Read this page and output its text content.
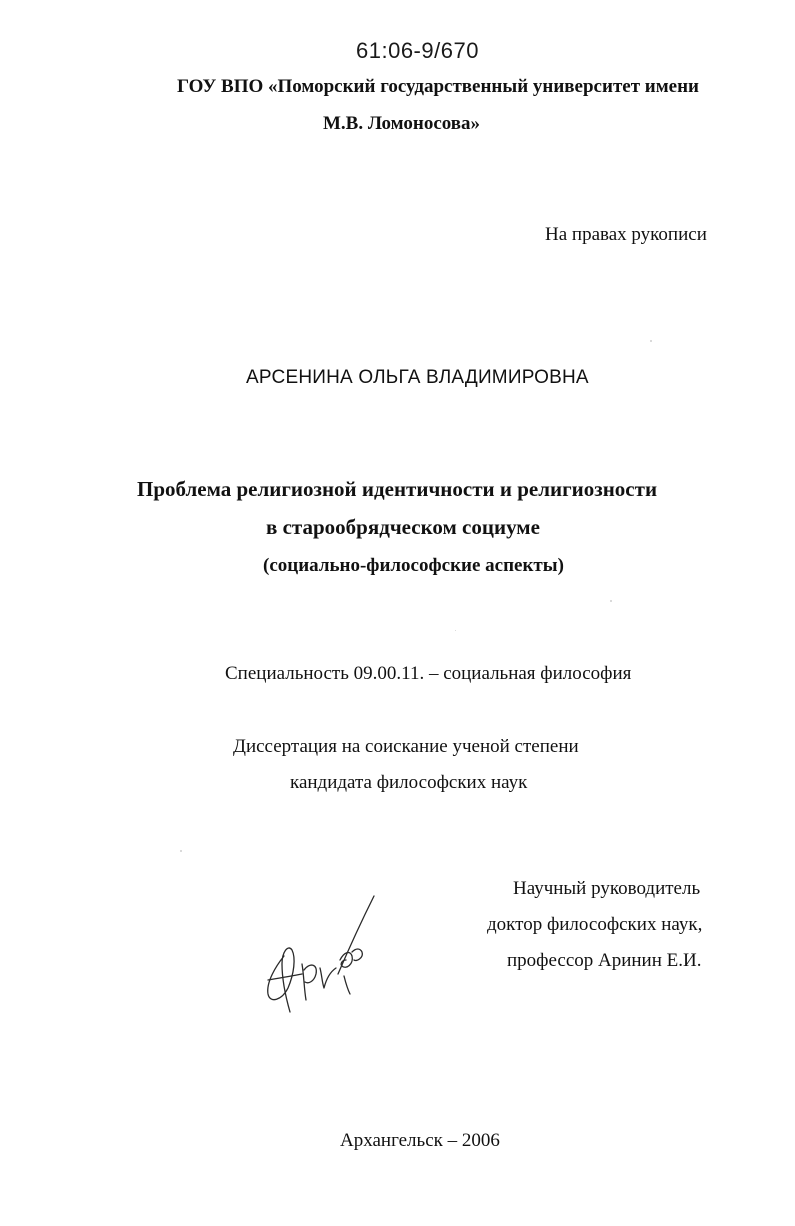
61:06-9/670
ГОУ ВПО «Поморский государственный университет имени
М.В. Ломоносова»
На правах рукописи
АРСЕНИНА ОЛЬГА ВЛАДИМИРОВНА
Проблема религиозной идентичности и религиозности
в старообрядческом социуме
(социально-философские аспекты)
Специальность 09.00.11. – социальная философия
Диссертация на соискание ученой степени
кандидата философских наук
Научный руководитель
доктор философских наук,
профессор Аринин Е.И.
Архангельск – 2006
